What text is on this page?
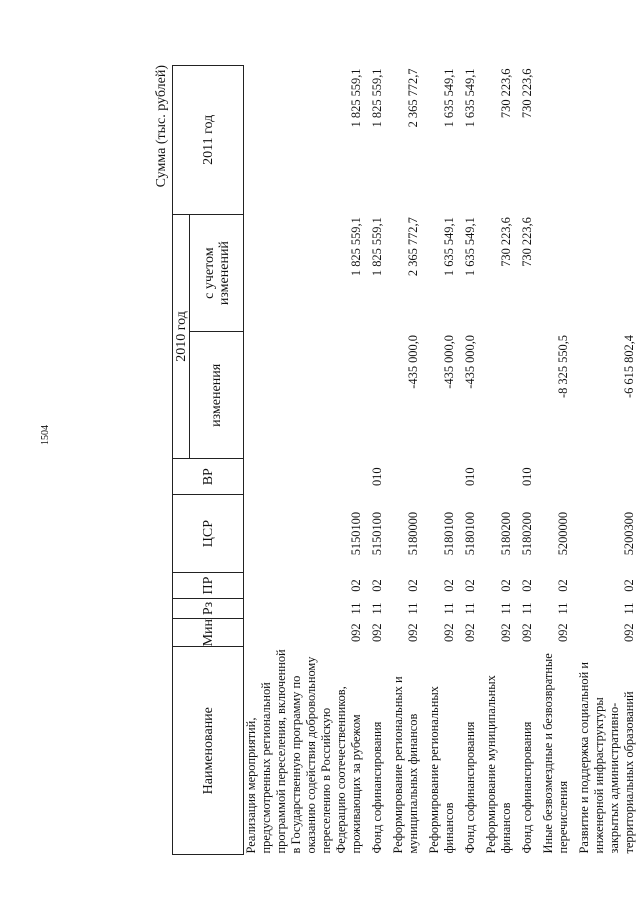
1504
Сумма (тыс. рублей)
Наименование	Мин	Рз	ПР	ЦСР	ВР	2010 год		2011 год
						изменения	с учетом изменений	
Реализация мероприятий, предусмотренных региональной программой переселения, включенной в Государственную программу по оказанию содействия добровольному переселению в Российскую Федерацию соотечественников, проживающих за рубежом	092	11	02	5150100			1 825 559,1	1 825 559,1

Фонд софинансирования	092	11	02	5150100	010		1 825 559,1	1 825 559,1

Реформирование региональных и муниципальных финансов	092	11	02	5180000		-435 000,0	2 365 772,7	2 365 772,7

Реформирование региональных финансов	092	11	02	5180100		-435 000,0	1 635 549,1	1 635 549,1

Фонд софинансирования	092	11	02	5180100	010	-435 000,0	1 635 549,1	1 635 549,1

Реформирование муниципальных финансов	092	11	02	5180200			730 223,6	730 223,6

Фонд софинансирования	092	11	02	5180200	010		730 223,6	730 223,6

Иные безвозмездные и безвозвратные перечисления	092	11	02	5200000		-8 325 550,5		

Развитие и поддержка социальной и инженерной инфраструктуры закрытых административно-территориальных образований	092	11	02	5200300		-6 615 802,4		
